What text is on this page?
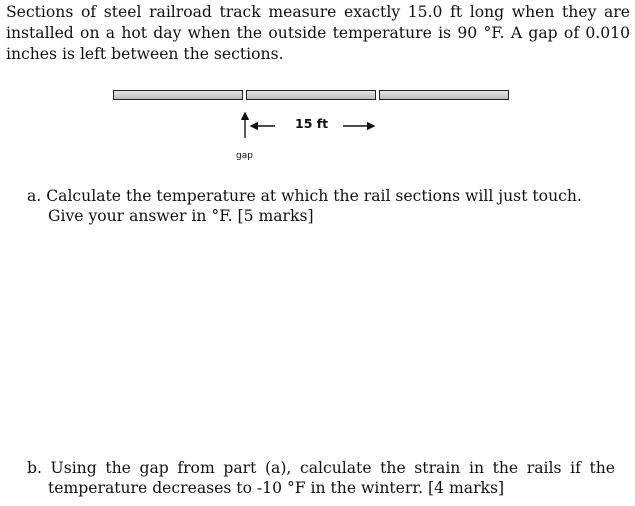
Sections of steel railroad track measure exactly 15.0 ft long when they are
installed on a hot day when the outside temperature is 90 °F. A gap of 0.010
inches is left between the sections.
15 ft
gap
a. Calculate the temperature at which the rail sections will just touch.
Give your answer in °F. [5 marks]
b. Using the gap from part (a), calculate the strain in the rails if the
temperature decreases to -10 °F in the winterr. [4 marks]
